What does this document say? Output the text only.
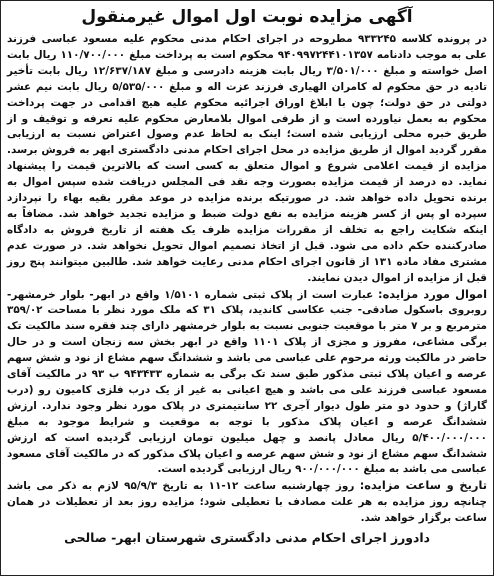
آگهی مزایده نوبت اول اموال غیرمنقول

در پرونده کلاسه ۹۳۳۲۴۵ مطروحه در اجرای احکام مدنی محکوم علیه مسعود عباسی فرزند علی به موجب دادنامه ۹۴۰۹۹۷۲۴۴۱۰۱۳۵۷ محکوم است به پرداخت مبلغ ۱۱۰/۷۰۰/۰۰۰ ریال بابت اصل خواسته و مبلغ ۳/۵۰۱/۰۰۰ ریال بابت هزینه دادرسی و مبلغ ۱۲/۶۳۷/۱۸۷ ریال بابت تأخیر تادیه در حق محکوم له کامران الهیاری فرزند عزت اله و مبلغ ۵/۵۳۵/۰۰۰ ریال بابت نیم عشر دولتی در حق دولت؛ چون با ابلاغ اوراق اجرائیه محکوم علیه هیچ اقدامی در جهت پرداخت محکوم به بعمل نیاورده است و از طرفی اموال بلامعارض محکوم علیه تعرفه و توقیف و از طریق خبره محلی ارزیابی شده است؛ اینک به لحاظ عدم وصول اعتراض نسبت به ارزیابی مقرر گردید اموال از طریق مزایده در محل اجرای احکام مدنی دادگستری ابهر به فروش برسد. مزایده از قیمت اعلامی شروع و اموال متعلق به کسی است که بالاترین قیمت را پیشنهاد نماید. ده درصد از قیمت مزایده بصورت وجه نقد فی المجلس دریافت شده سپس اموال به برنده تحویل داده خواهد شد. در صورتیکه برنده مزایده در موعد مقرر بقیه بهاء را نپردازد سپرده او پس از کسر هزینه مزایده به نفع دولت ضبط و مزایده تجدید خواهد شد. مضافاً به اینکه شکایت راجع به تخلف از مقررات مزایده ظرف یک هفته از تاریخ فروش به دادگاه صادرکننده حکم داده می شود. قبل از اتخاذ تصمیم اموال تحویل نخواهد شد. در صورت عدم مشتری مفاد ماده ۱۳۱ از قانون اجرای احکام مدنی رعایت خواهد شد. طالبین میتوانند پنج روز قبل از مزایده از اموال دیدن نمایند.

اموال مورد مزایده: عبارت است از پلاک ثبتی شماره ۱/۵۱۰۱ واقع در ابهر- بلوار خرمشهر- روبروی باسکول صادقی- جنب عکاسی کاندید، پلاک ۳۱ که ملک مورد نظر با مساحت ۳۵۹/۰۲ مترمربع و بر ۷ متر با موقعیت جنوبی نسبت به بلوار خرمشهر دارای چند فقره سند مالکیت تک برگی مشاعی، مفروز و مجزی از پلاک ۱۱۰۱ واقع در ابهر بخش سه زنجان است و در حال حاضر در مالکیت ورثه مرحوم علی عباسی می باشد و ششدانگ سهم مشاع از نود و شش سهم عرصه و اعیان پلاک ثبتی مذکور طبق سند تک برگی به شماره ۹۴۳۴۳۳ ب ۹۳ در مالکیت آقای مسعود عباسی فرزند علی می باشد و هیچ اعیانی به غیر از یک درب فلزی کامیون رو (درب گاراژ) و حدود دو متر طول دیوار آجری ۲۲ سانتیمتری در پلاک مورد نظر وجود ندارد. ارزش ششدانگ عرصه و اعیان پلاک مذکور با توجه به موقعیت و شرایط موجود به مبلغ ۵/۴۰۰/۰۰۰/۰۰۰ ریال معادل پانصد و چهل میلیون تومان ارزیابی گردیده است که ارزش ششدانگ سهم مشاع از نود و شش سهم عرصه و اعیان پلاک مذکور که در مالکیت آقای مسعود عباسی می باشد به مبلغ ۹۰۰/۰۰۰/۰۰۰ ریال ارزیابی گردیده است.

تاریخ و ساعت مزایده: روز چهارشنبه ساعت ۱۲-۱۱ به تاریخ ۹۵/۹/۳ لازم به ذکر می باشد چنانچه روز مزایده به هر علت مصادف با تعطیلی شود؛ مزایده روز بعد از تعطیلات در همان ساعت برگزار خواهد شد.

دادورز اجرای احکام مدنی دادگستری شهرستان ابهر- صالحی
